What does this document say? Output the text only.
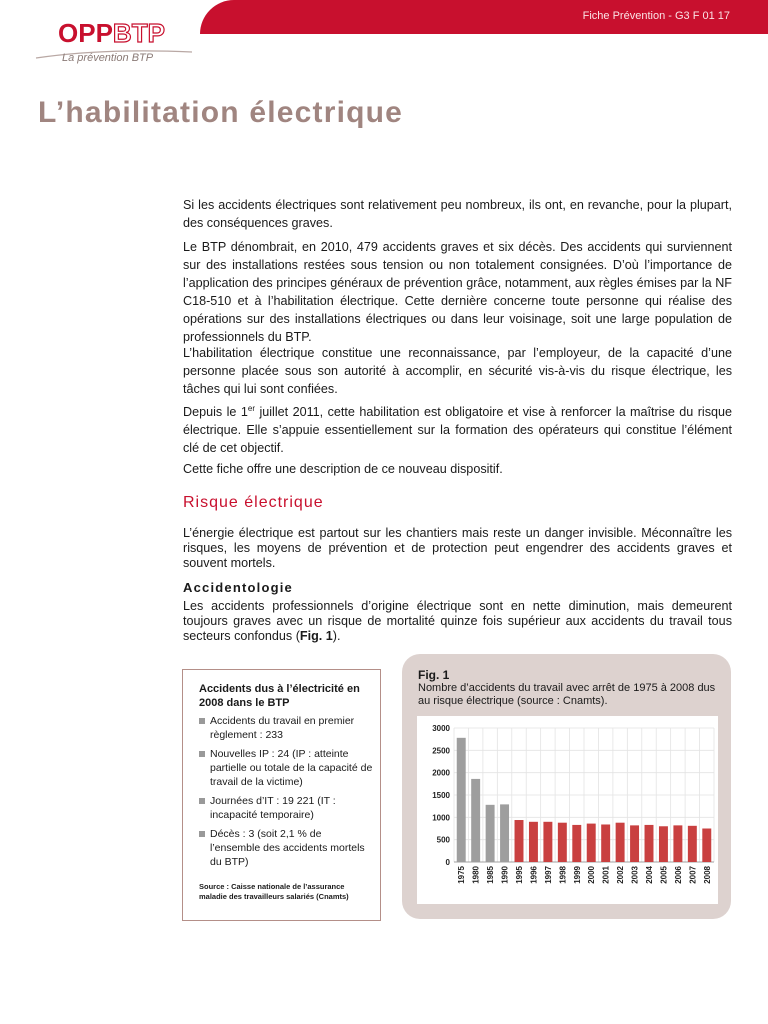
Fiche Prévention - G3 F 01 17
OPPBTP
La prévention BTP
L’habilitation électrique

Si les accidents électriques sont relativement peu nombreux, ils ont, en revanche, pour la plupart, des conséquences graves.

Le BTP dénombrait, en 2010, 479 accidents graves et six décès. Des accidents qui surviennent sur des installations restées sous tension ou non totalement consignées. D’où l’importance de l’application des principes généraux de prévention grâce, notamment, aux règles émises par la NF C18-510 et à l’habilitation électrique. Cette dernière concerne toute personne qui réalise des opérations sur des installations électriques ou dans leur voisinage, soit une large population de professionnels du BTP.

L’habilitation électrique constitue une reconnaissance, par l’employeur, de la capacité d’une personne placée sous son autorité à accomplir, en sécurité vis-à-vis du risque électrique, les tâches qui lui sont confiées.

Depuis le 1er juillet 2011, cette habilitation est obligatoire et vise à renforcer la maîtrise du risque électrique. Elle s’appuie essentiellement sur la formation des opérateurs qui constitue l’élément clé de cet objectif.

Cette fiche offre une description de ce nouveau dispositif.

Risque électrique

L’énergie électrique est partout sur les chantiers mais reste un danger invisible. Méconnaître les risques, les moyens de prévention et de protection peut engendrer des accidents graves et souvent mortels.

Accidentologie

Les accidents professionnels d’origine électrique sont en nette diminution, mais demeurent toujours graves avec un risque de mortalité quinze fois supérieur aux accidents du travail tous secteurs confondus (Fig. 1).

Accidents dus à l’électricité en 2008 dans le BTP
Accidents du travail en premier règlement : 233
Nouvelles IP : 24 (IP : atteinte partielle ou totale de la capacité de travail de la victime)
Journées d’IT : 19 221 (IT : incapacité temporaire)
Décès : 3 (soit 2,1 % de l’ensemble des accidents mortels du BTP)
Source : Caisse nationale de l’assurance maladie des travailleurs salariés (Cnamts)
Fig. 1
Nombre d’accidents du travail avec arrêt de 1975 à 2008 dus au risque électrique (source : Cnamts).
3000
2500
2000
1500
1000
500
0
1975 1980 1985 1990 1995 1996 1997 1998 1999 2000 2001 2002 2003 2004 2005 2006 2007 2008
